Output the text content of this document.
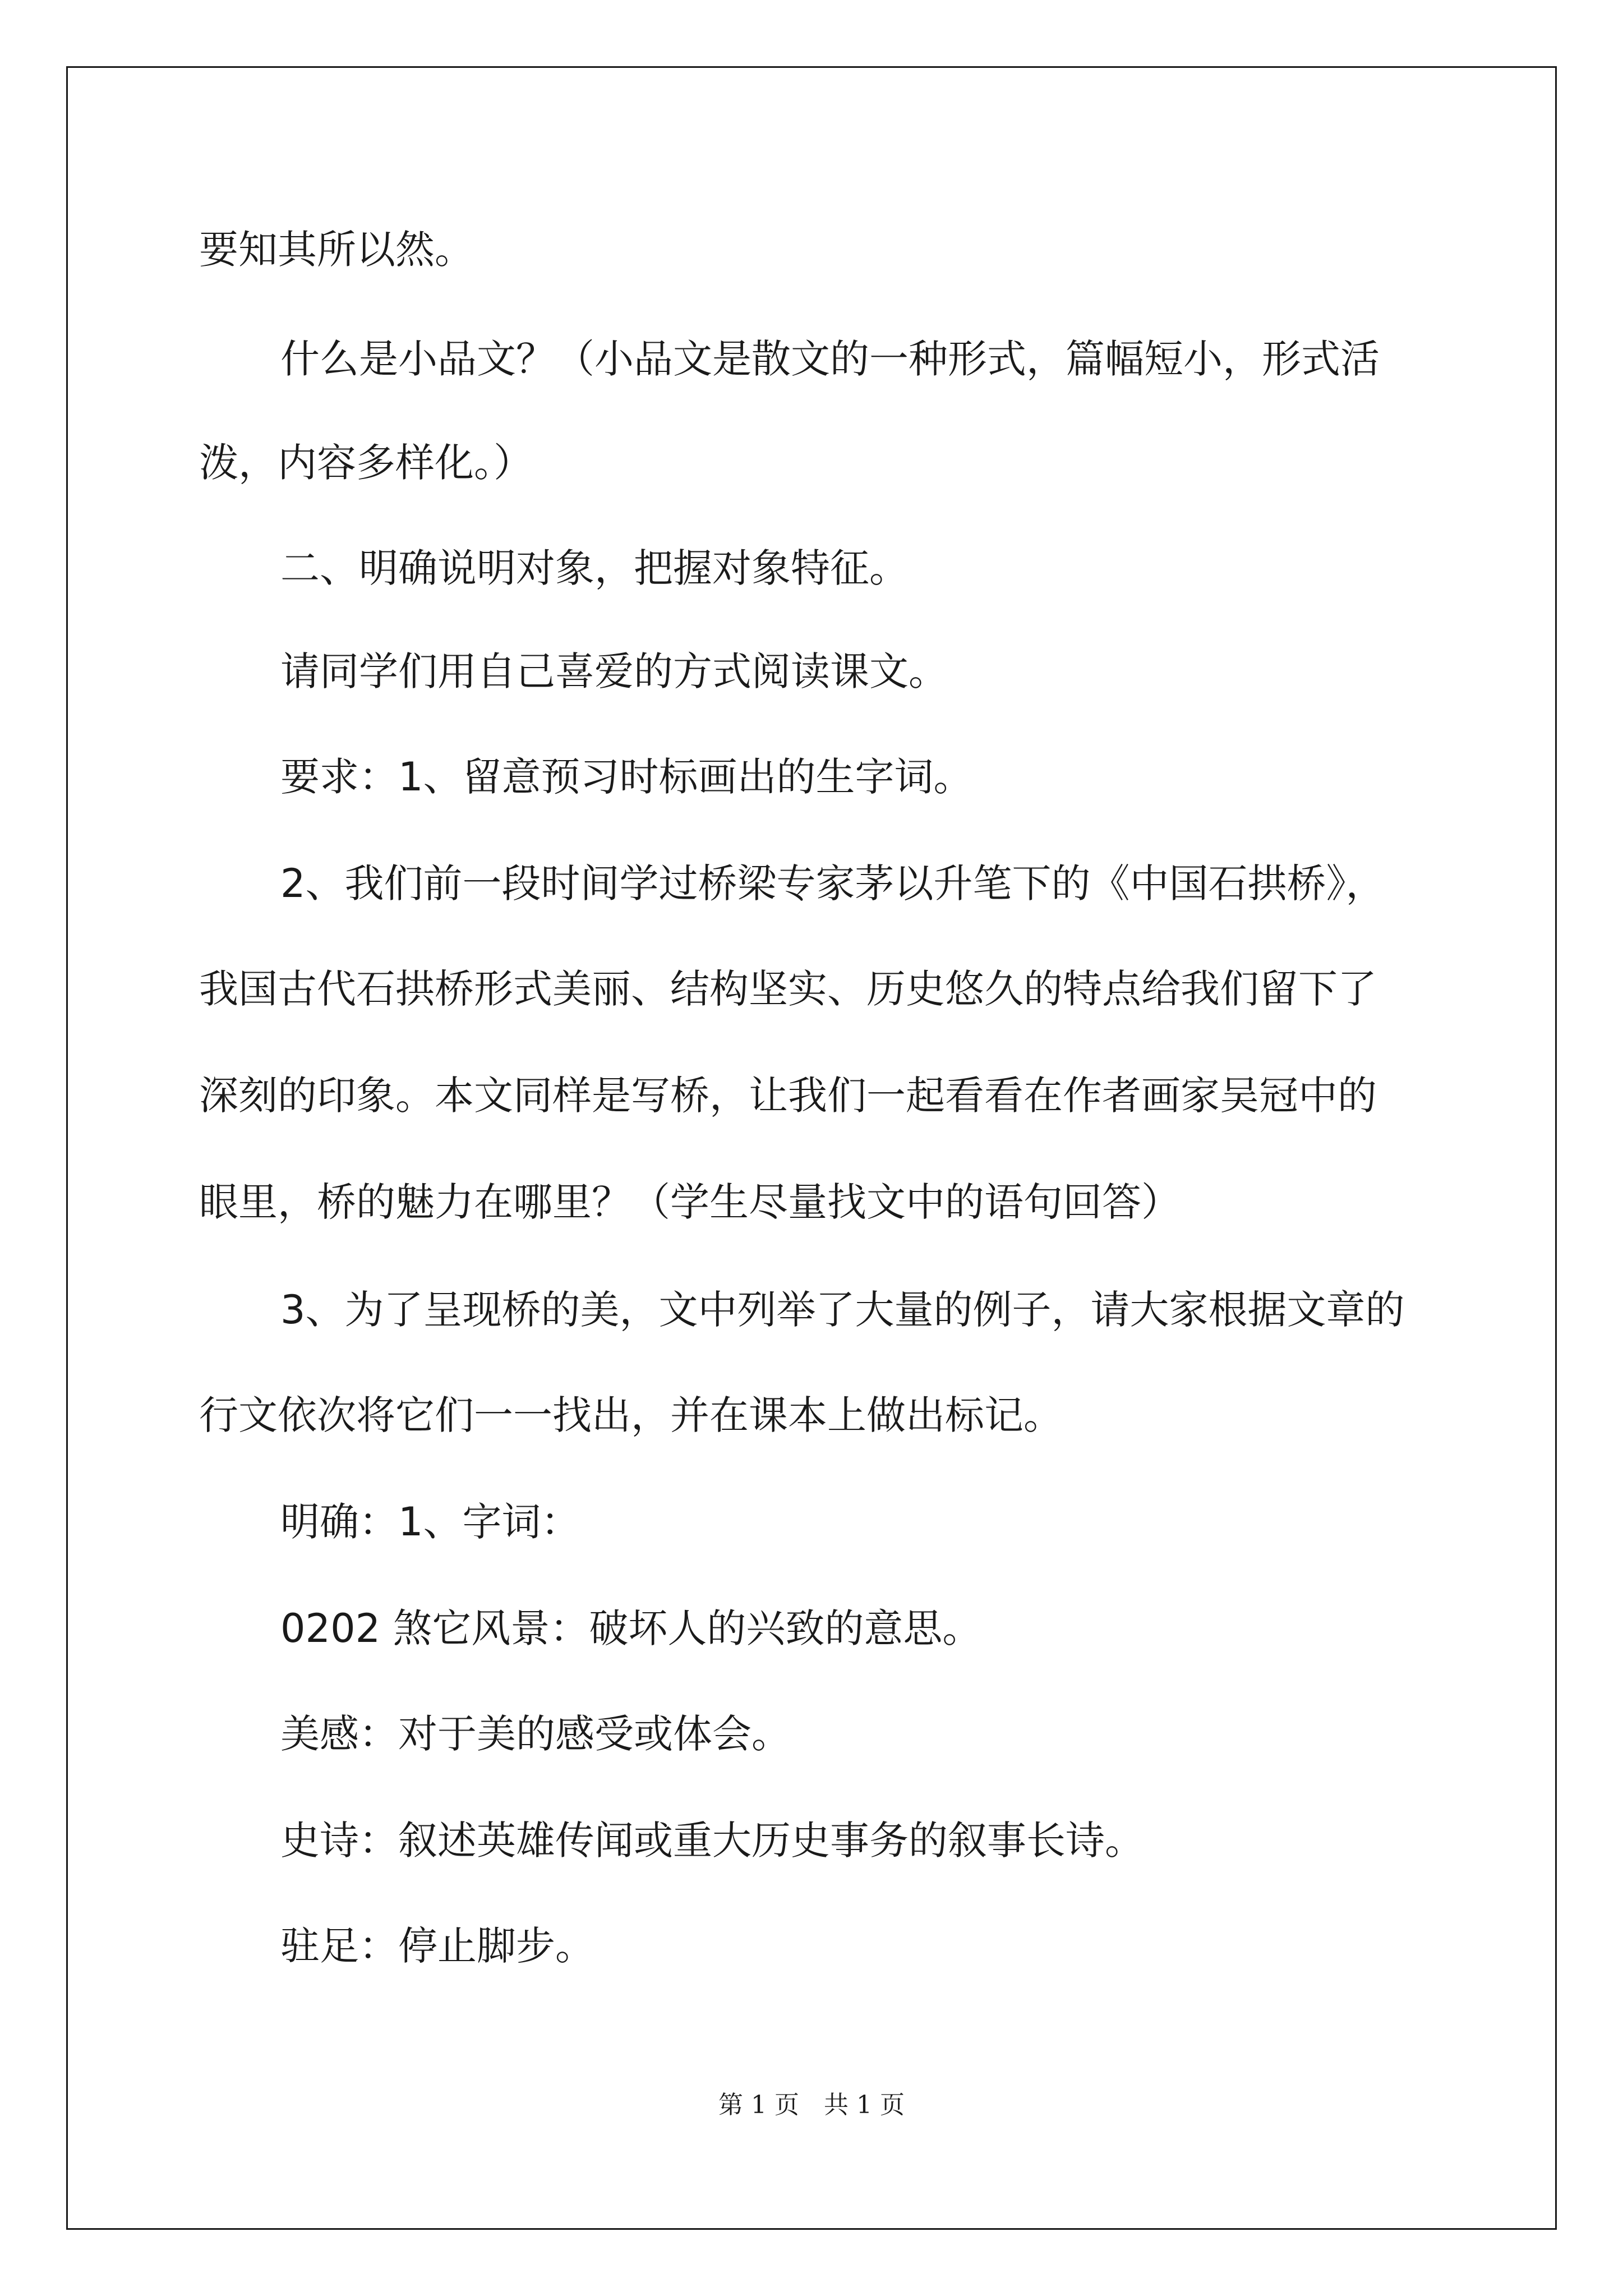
要知其所以然。

什么是小品文？（小品文是散文的一种形式，篇幅短小，形式活

泼，内容多样化。）

二、明确说明对象，把握对象特征。

请同学们用自己喜爱的方式阅读课文。

要求：1、留意预习时标画出的生字词。

2、我们前一段时间学过桥梁专家茅以升笔下的《中国石拱桥》，

我国古代石拱桥形式美丽、结构坚实、历史悠久的特点给我们留下了

深刻的印象。本文同样是写桥，让我们一起看看在作者画家吴冠中的

眼里，桥的魅力在哪里？（学生尽量找文中的语句回答）

3、为了呈现桥的美，文中列举了大量的例子，请大家根据文章的

行文依次将它们一一找出，并在课本上做出标记。

明确：1、字词：

0202 煞它风景：破坏人的兴致的意思。

美感：对于美的感受或体会。

史诗：叙述英雄传闻或重大历史事务的叙事长诗。

驻足：停止脚步。

第 1 页　共 1 页
